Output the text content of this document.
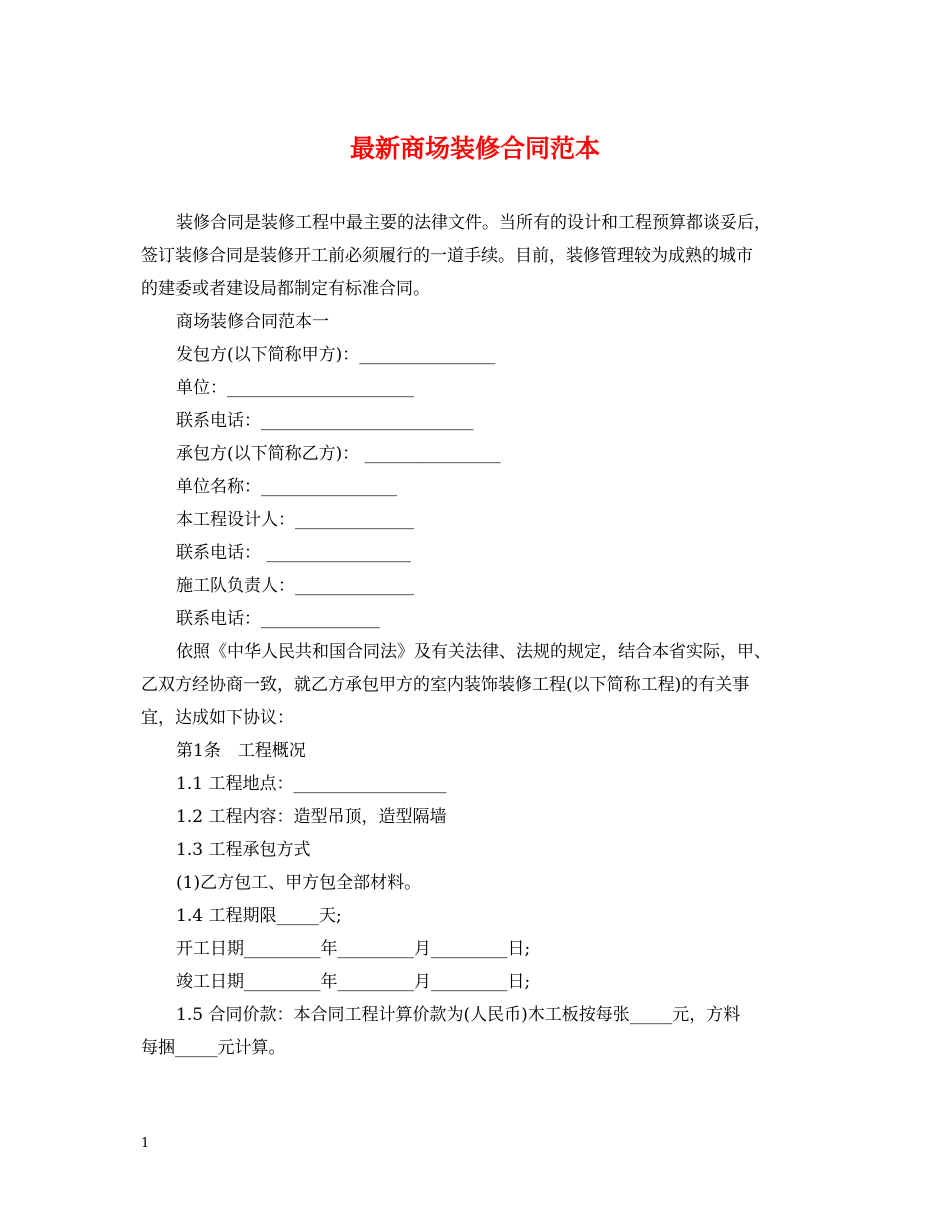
最新商场装修合同范本

装修合同是装修工程中最主要的法律文件。当所有的设计和工程预算都谈妥后，

签订装修合同是装修开工前必须履行的一道手续。目前，装修管理较为成熟的城市

的建委或者建设局都制定有标准合同。

商场装修合同范本一

发包方(以下简称甲方)：________________

单位：______________________

联系电话：_________________________

承包方(以下简称乙方)： ________________

单位名称：________________

本工程设计人：______________

联系电话： _________________

施工队负责人：______________

联系电话：______________

依照《中华人民共和国合同法》及有关法律、法规的规定，结合本省实际，甲、

乙双方经协商一致，就乙方承包甲方的室内装饰装修工程(以下简称工程)的有关事

宜，达成如下协议：

第1条　工程概况

1.1 工程地点：__________________

1.2 工程内容：造型吊顶，造型隔墙

1.3 工程承包方式

(1)乙方包工、甲方包全部材料。

1.4 工程期限_____天;

开工日期_________年_________月_________日;

竣工日期_________年_________月_________日;

1.5 合同价款：本合同工程计算价款为(人民币)木工板按每张_____元，方料

每捆_____元计算。

1
